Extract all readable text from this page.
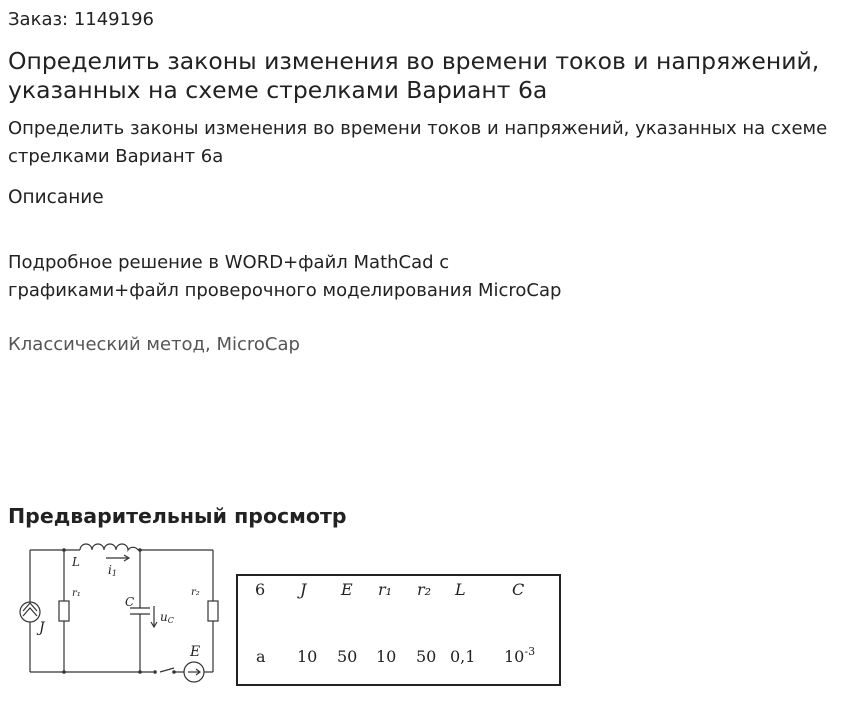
Заказ: 1149196
Определить законы изменения во времени токов и напряжений, указанных на схеме стрелками Вариант 6а
Определить законы изменения во времени токов и напряжений, указанных на схеме стрелками Вариант 6а
Описание
Подробное решение в WORD+файл MathCad с
графиками+файл проверочного моделирования MicroCap
Классический метод, MicroCap
Предварительный просмотр
L
i1
r₁
C
uC
r₂
J
E
6 J E r₁ r₂ L	C
а 10 50 10 50 0,1 $10^{-3}$
